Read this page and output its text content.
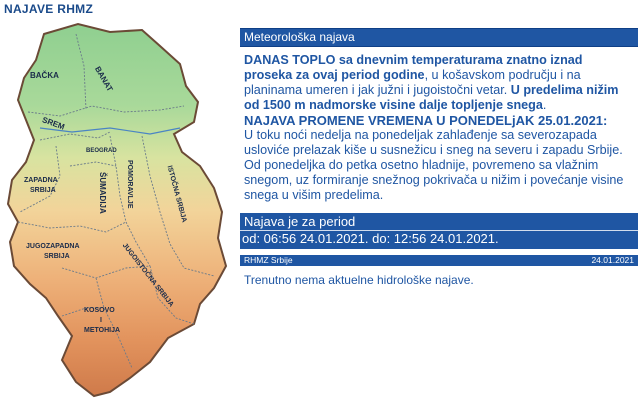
NAJAVE RHMZ
BAČKA	BANAT
SREM
BEOGRAD
ZAPADNA
SRBIJA	ŠUMADIJA	POMORAVLJE	ISTOČNA SRBIJA
JUGOZAPADNA
SRBIJA	JUGOISTOČNA SRBIJA
KOSOVO
I
METOHIJA
Meteorološka najava

DANAS TOPLO sa dnevnim temperaturama znatno iznad proseka za ovaj period godine, u košavskom području i na planinama umeren i jak južni i jugoistočni vetar. U predelima nižim od 1500 m nadmorske visine dalje topljenje snega.

NAJAVA PROMENE VREMENA U PONEDELjAK 25.01.2021:

U toku noći nedelja na ponedeljak zahlađenje sa severozapada usloviće prelazak kiše u susnežicu i sneg na severu i zapadu Srbije.

Od ponedeljka do petka osetno hladnije, povremeno sa vlažnim snegom, uz formiranje snežnog pokrivača u nižim i povećanje visine snega u višim predelima.

Najava je za period
od: 06:56 24.01.2021. do: 12:56 24.01.2021.
RHMZ Srbije	24.01.2021
Trenutno nema aktuelne hidrološke najave.
